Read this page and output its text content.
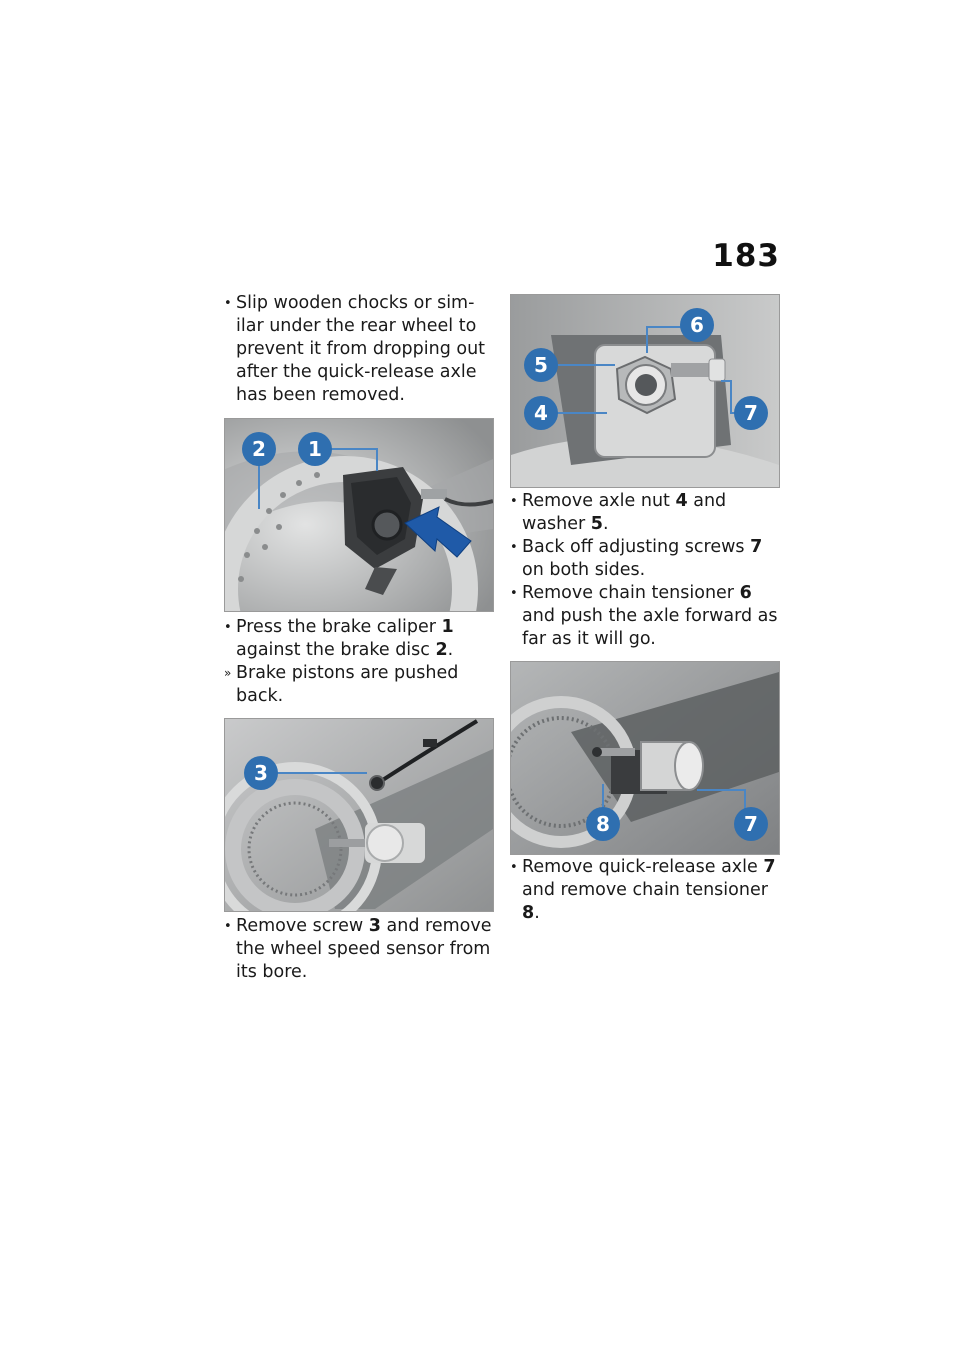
183
• Slip wooden chocks or sim-ilar under the rear wheel to prevent it from dropping out after the quick-release axle has been removed.
2 1
• Press the brake caliper 1 against the brake disc 2.
» Brake pistons are pushed back.
3
• Remove screw 3 and remove the wheel speed sensor from its bore.
6
5
4	7
• Remove axle nut 4 and washer 5.
• Back off adjusting screws 7 on both sides.
• Remove chain tensioner 6 and push the axle forward as far as it will go.
8	7
• Remove quick-release axle 7 and remove chain tensioner 8.
